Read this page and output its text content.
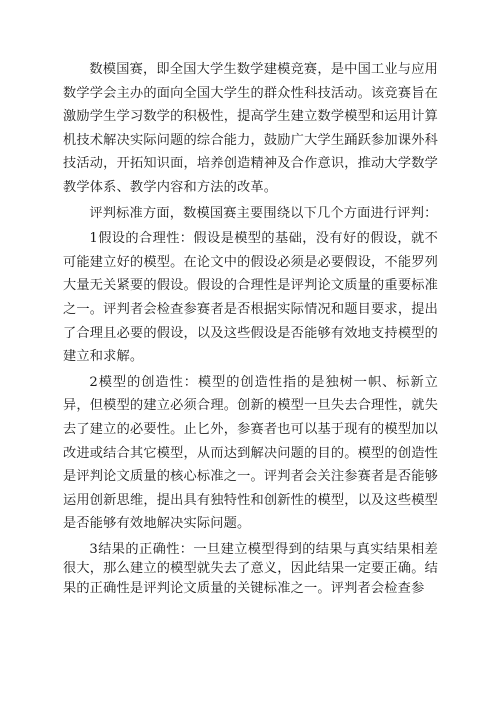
数模国赛，即全国大学生数学建模竞赛，是中国工业与应用数学学会主办的面向全国大学生的群众性科技活动。该竞赛旨在激励学生学习数学的积极性，提高学生建立数学模型和运用计算机技术解决实际问题的综合能力，鼓励广大学生踊跃参加课外科技活动，开拓知识面，培养创造精神及合作意识，推动大学数学教学体系、教学内容和方法的改革。

评判标准方面，数模国赛主要围绕以下几个方面进行评判：

1假设的合理性：假设是模型的基础，没有好的假设，就不可能建立好的模型。在论文中的假设必须是必要假设，不能罗列大量无关紧要的假设。假设的合理性是评判论文质量的重要标准之一。评判者会检查参赛者是否根据实际情况和题目要求，提出了合理且必要的假设，以及这些假设是否能够有效地支持模型的建立和求解。

2模型的创造性：模型的创造性指的是独树一帜、标新立异，但模型的建立必须合理。创新的模型一旦失去合理性，就失去了建立的必要性。止匕外，参赛者也可以基于现有的模型加以改进或结合其它模型，从而达到解决问题的目的。模型的创造性是评判论文质量的核心标准之一。评判者会关注参赛者是否能够运用创新思维，提出具有独特性和创新性的模型，以及这些模型是否能够有效地解决实际问题。

3结果的正确性：一旦建立模型得到的结果与真实结果相差很大，那么建立的模型就失去了意义，因此结果一定要正确。结果的正确性是评判论文质量的关键标准之一。评判者会检查参
